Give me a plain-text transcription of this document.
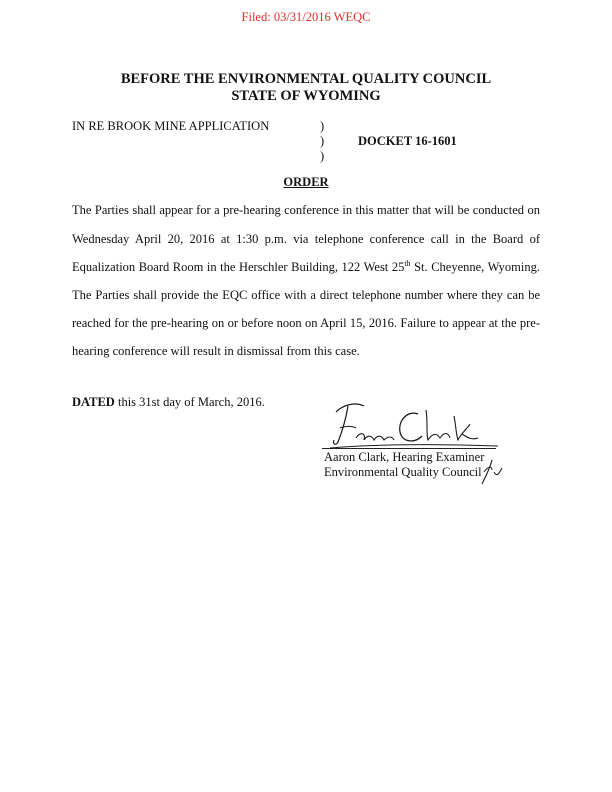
Filed: 03/31/2016 WEQC
BEFORE THE ENVIRONMENTAL QUALITY COUNCIL
STATE OF WYOMING
IN RE BROOK MINE APPLICATION	)
)
)
DOCKET 16-1601
ORDER
The Parties shall appear for a pre-hearing conference in this matter that will be conducted on
Wednesday April 20, 2016 at 1:30 p.m. via telephone conference call in the Board of
Equalization Board Room in the Herschler Building, 122 West 25th St. Cheyenne, Wyoming.
The Parties shall provide the EQC office with a direct telephone number where they can be
reached for the pre-hearing on or before noon on April 15, 2016. Failure to appear at the pre-
hearing conference will result in dismissal from this case.
DATED this 31st day of March, 2016.
Aaron Clark, Hearing Examiner
Environmental Quality Council
